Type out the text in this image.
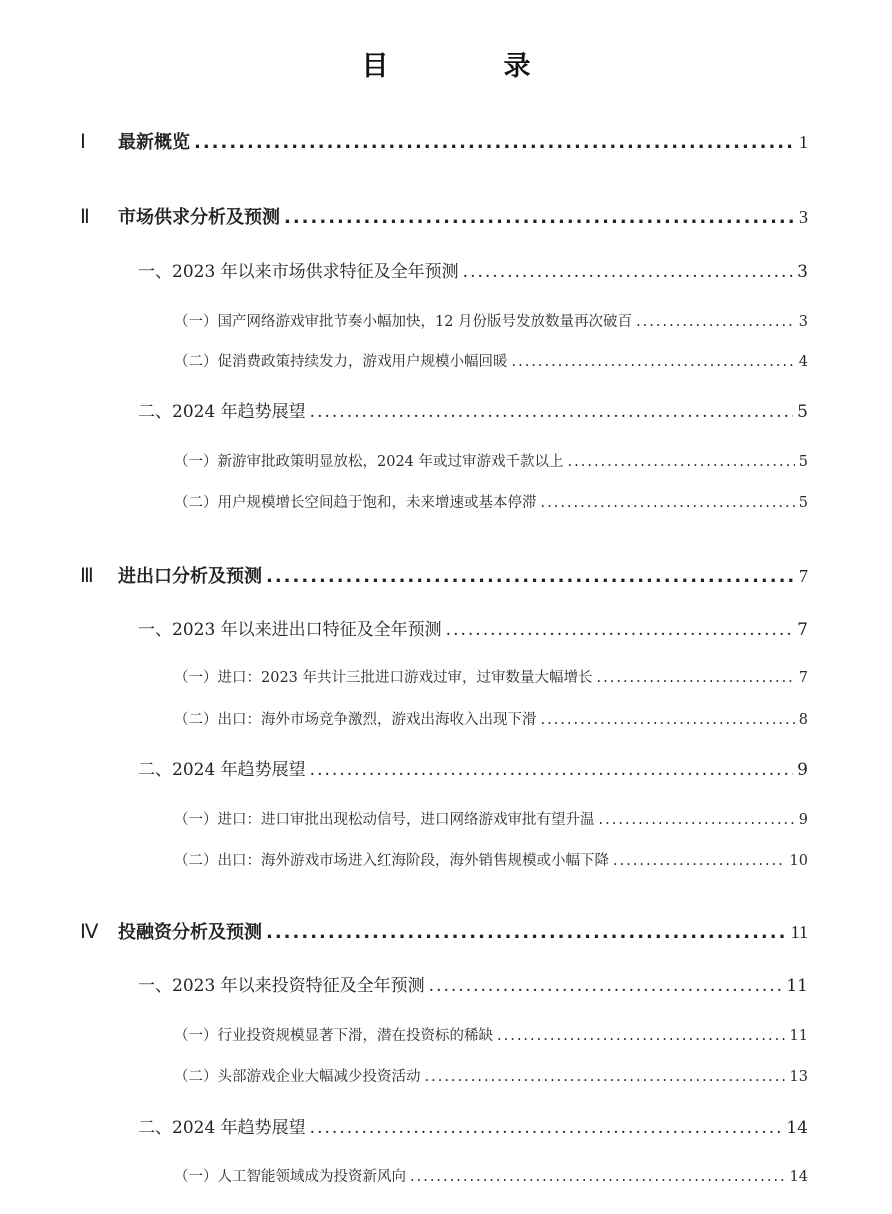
目　录
Ⅰ	最新概览 .....	1
Ⅱ	市场供求分析及预测 .....	3
一、2023 年以来市场供求特征及全年预测 .....	3
（一）国产网络游戏审批节奏小幅加快，12 月份版号发放数量再次破百 .....	3
（二）促消费政策持续发力，游戏用户规模小幅回暖 .....	4
二、2024 年趋势展望 .....	5
（一）新游审批政策明显放松，2024 年或过审游戏千款以上 .....	5
（二）用户规模增长空间趋于饱和，未来增速或基本停滞 .....	5
Ⅲ	进出口分析及预测 .....	7
一、2023 年以来进出口特征及全年预测 .....	7
（一）进口：2023 年共计三批进口游戏过审，过审数量大幅增长 .....	7
（二）出口：海外市场竞争激烈，游戏出海收入出现下滑 .....	8
二、2024 年趋势展望 .....	9
（一）进口：进口审批出现松动信号，进口网络游戏审批有望升温 .....	9
（二）出口：海外游戏市场进入红海阶段，海外销售规模或小幅下降 .....	10
Ⅳ	投融资分析及预测 .....	11
一、2023 年以来投资特征及全年预测 .....	11
（一）行业投资规模显著下滑，潜在投资标的稀缺 .....	11
（二）头部游戏企业大幅减少投资活动 .....	13
二、2024 年趋势展望 .....	14
（一）人工智能领域成为投资新风向 .....	14
